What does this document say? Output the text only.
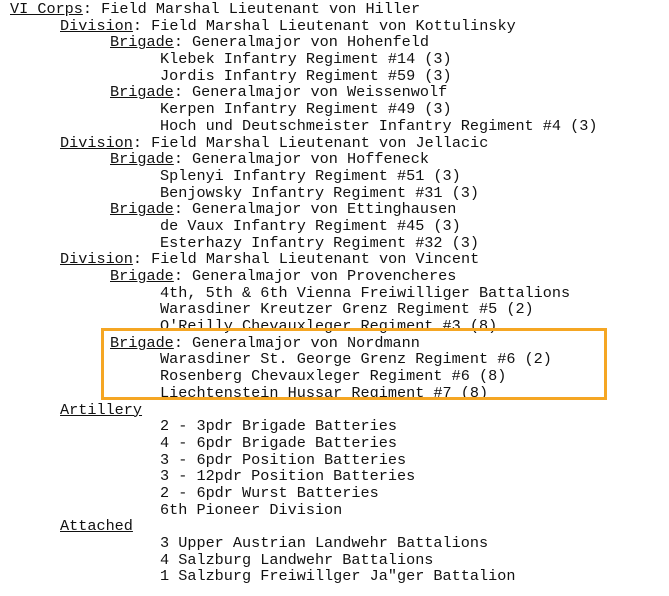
VI Corps: Field Marshal Lieutenant von Hiller
Division: Field Marshal Lieutenant von Kottulinsky
Brigade: Generalmajor von Hohenfeld
Klebek Infantry Regiment #14 (3)
Jordis Infantry Regiment #59 (3)
Brigade: Generalmajor von Weissenwolf
Kerpen Infantry Regiment #49 (3)
Hoch und Deutschmeister Infantry Regiment #4 (3)
Division: Field Marshal Lieutenant von Jellacic
Brigade: Generalmajor von Hoffeneck
Splenyi Infantry Regiment #51 (3)
Benjowsky Infantry Regiment #31 (3)
Brigade: Generalmajor von Ettinghausen
de Vaux Infantry Regiment #45 (3)
Esterhazy Infantry Regiment #32 (3)
Division: Field Marshal Lieutenant von Vincent
Brigade: Generalmajor von Provencheres
4th, 5th & 6th Vienna Freiwilliger Battalions
Warasdiner Kreutzer Grenz Regiment #5 (2)
O'Reilly Chevauxleger Regiment #3 (8)
Brigade: Generalmajor von Nordmann
Warasdiner St. George Grenz Regiment #6 (2)
Rosenberg Chevauxleger Regiment #6 (8)
Liechtenstein Hussar Regiment #7 (8)
Artillery
2 - 3pdr Brigade Batteries
4 - 6pdr Brigade Batteries
3 - 6pdr Position Batteries
3 - 12pdr Position Batteries
2 - 6pdr Wurst Batteries
6th Pioneer Division
Attached
3 Upper Austrian Landwehr Battalions
4 Salzburg Landwehr Battalions
1 Salzburg Freiwillger Ja"ger Battalion
